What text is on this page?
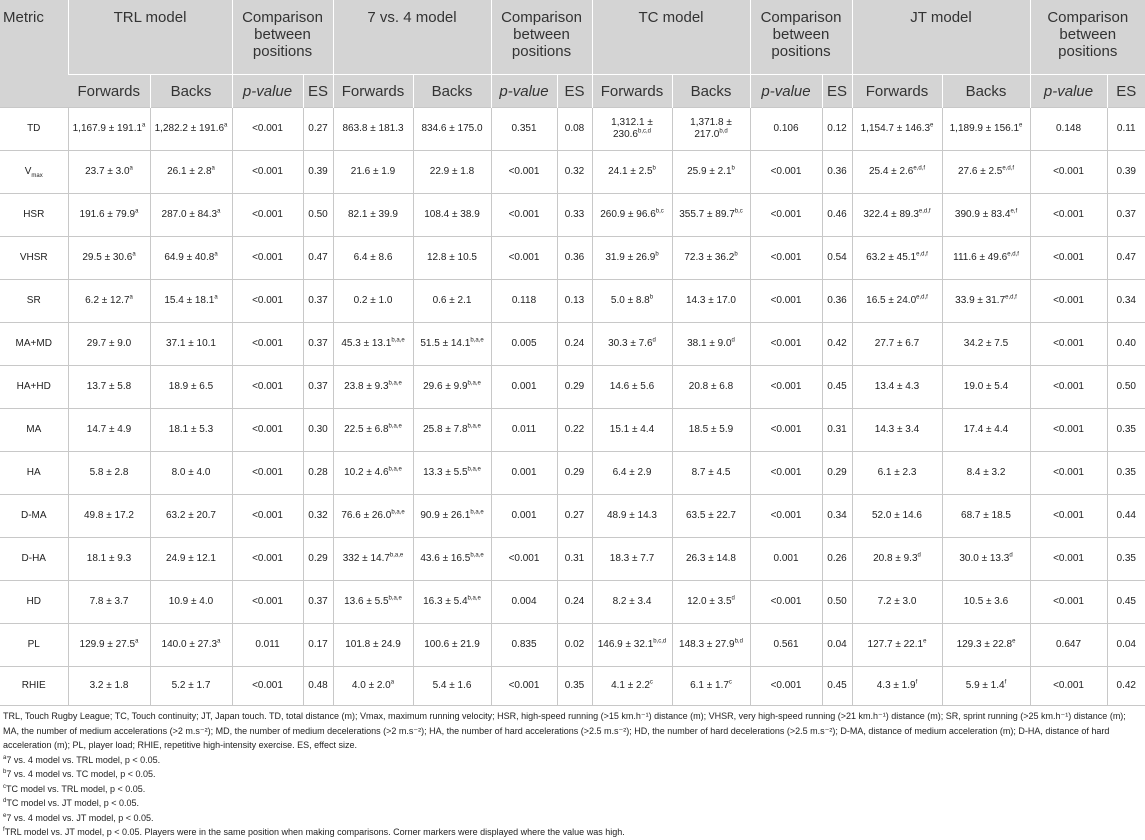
Metric	TRL model		Comparison between positions		7 vs. 4 model		Comparison between positions		TC model		Comparison between positions		JT model		Comparison between positions	
	Forwards	Backs	p-value	ES	Forwards	Backs	p-value	ES	Forwards	Backs	p-value	ES	Forwards	Backs	p-value	ES
TD	1,167.9 ± 191.1$^a$	1,282.2 ± 191.6$^a$	<0.001	0.27	863.8 ± 181.3	834.6 ± 175.0	0.351	0.08	$1,312.1 \pm 230.6^{b,c,d}$	$1,371.8 \pm 217.0^{b,d}$	0.106	0.12	1,154.7 ± 146.3$^e$	1,189.9 ± 156.1$^e$	0.148	0.11
$V_{max}$	23.7 ± 3.0$^a$	26.1 ± 2.8$^a$	<0.001	0.39	21.6 ± 1.9	22.9 ± 1.8	<0.001	0.32	24.1 ± 2.5$^b$	25.9 ± 2.1$^b$	<0.001	0.36	$25.4 \pm 2.6^{e,d,f}$	$27.6 \pm 2.5^{e,d,f}$	<0.001	0.39
HSR	191.6 ± 79.9$^a$	287.0 ± 84.3$^a$	<0.001	0.50	82.1 ± 39.9	108.4 ± 38.9	<0.001	0.33	$260.9 \pm 96.6^{b,c}$	$355.7 \pm 89.7^{b,c}$	<0.001	0.46	$322.4 \pm 89.3^{e,d,f}$	$390.9 \pm 83.4^{e,f}$	<0.001	0.37
VHSR	29.5 ± 30.6$^a$	64.9 ± 40.8$^a$	<0.001	0.47	6.4 ± 8.6	12.8 ± 10.5	<0.001	0.36	31.9 ± 26.9$^b$	72.3 ± 36.2$^b$	<0.001	0.54	$63.2 \pm 45.1^{e,d,f}$	$111.6 \pm 49.6^{e,d,f}$	<0.001	0.47
SR	6.2 ± 12.7$^a$	15.4 ± 18.1$^a$	<0.001	0.37	0.2 ± 1.0	0.6 ± 2.1	0.118	0.13	5.0 ± 8.8$^b$	14.3 ± 17.0	<0.001	0.36	$16.5 \pm 24.0^{e,d,f}$	$33.9 \pm 31.7^{e,d,f}$	<0.001	0.34
MA+MD	29.7 ± 9.0	37.1 ± 10.1	<0.001	0.37	$45.3 \pm 13.1^{b,a,e}$	$51.5 \pm 14.1^{b,a,e}$	0.005	0.24	30.3 ± 7.6$^d$	38.1 ± 9.0$^d$	<0.001	0.42	27.7 ± 6.7	34.2 ± 7.5	<0.001	0.40
HA+HD	13.7 ± 5.8	18.9 ± 6.5	<0.001	0.37	$23.8 \pm 9.3^{b,a,e}$	$29.6 \pm 9.9^{b,a,e}$	0.001	0.29	14.6 ± 5.6	20.8 ± 6.8	<0.001	0.45	13.4 ± 4.3	19.0 ± 5.4	<0.001	0.50
MA	14.7 ± 4.9	18.1 ± 5.3	<0.001	0.30	$22.5 \pm 6.8^{b,a,e}$	$25.8 \pm 7.8^{b,a,e}$	0.011	0.22	15.1 ± 4.4	18.5 ± 5.9	<0.001	0.31	14.3 ± 3.4	17.4 ± 4.4	<0.001	0.35
HA	5.8 ± 2.8	8.0 ± 4.0	<0.001	0.28	$10.2 \pm 4.6^{b,a,e}$	$13.3 \pm 5.5^{b,a,e}$	0.001	0.29	6.4 ± 2.9	8.7 ± 4.5	<0.001	0.29	6.1 ± 2.3	8.4 ± 3.2	<0.001	0.35
D-MA	49.8 ± 17.2	63.2 ± 20.7	<0.001	0.32	$76.6 \pm 26.0^{b,a,e}$	$90.9 \pm 26.1^{b,a,e}$	0.001	0.27	48.9 ± 14.3	63.5 ± 22.7	<0.001	0.34	52.0 ± 14.6	68.7 ± 18.5	<0.001	0.44
D-HA	18.1 ± 9.3	24.9 ± 12.1	<0.001	0.29	$332 \pm 14.7^{b,a,e}$	$43.6 \pm 16.5^{b,a,e}$	<0.001	0.31	18.3 ± 7.7	26.3 ± 14.8	0.001	0.26	20.8 ± 9.3$^d$	30.0 ± 13.3$^d$	<0.001	0.35
HD	7.8 ± 3.7	10.9 ± 4.0	<0.001	0.37	$13.6 \pm 5.5^{b,a,e}$	$16.3 \pm 5.4^{b,a,e}$	0.004	0.24	8.2 ± 3.4	12.0 ± 3.5$^d$	<0.001	0.50	7.2 ± 3.0	10.5 ± 3.6	<0.001	0.45
PL	129.9 ± 27.5$^a$	140.0 ± 27.3$^a$	0.011	0.17	101.8 ± 24.9	100.6 ± 21.9	0.835	0.02	$146.9 \pm 32.1^{b,c,d}$	$148.3 \pm 27.9^{b,d}$	0.561	0.04	127.7 ± 22.1$^e$	129.3 ± 22.8$^e$	0.647	0.04
RHIE	3.2 ± 1.8	5.2 ± 1.7	<0.001	0.48	4.0 ± 2.0$^a$	5.4 ± 1.6	<0.001	0.35	4.1 ± 2.2$^c$	6.1 ± 1.7$^c$	<0.001	0.45	4.3 ± 1.9$^f$	5.9 ± 1.4$^f$	<0.001	0.42

TRL, Touch Rugby League; TC, Touch continuity; JT, Japan touch. TD, total distance (m); Vmax, maximum running velocity; HSR, high-speed running (>15 km.h⁻¹) distance (m); VHSR, very high-speed running (>21 km.h⁻¹) distance (m); SR, sprint running (>25 km.h⁻¹) distance (m); MA, the number of medium accelerations (>2 m.s⁻²); MD, the number of medium decelerations (>2 m.s⁻²); HA, the number of hard accelerations (>2.5 m.s⁻²); HD, the number of hard decelerations (>2.5 m.s⁻²); D-MA, distance of medium acceleration (m); D-HA, distance of hard acceleration (m); PL, player load; RHIE, repetitive high-intensity exercise. ES, effect size.

$^a$7 vs. 4 model vs. TRL model, p < 0.05.

$^b$7 vs. 4 model vs. TC model, p < 0.05.

$^c$TC model vs. TRL model, p < 0.05.

$^d$TC model vs. JT model, p < 0.05.

$^e$7 vs. 4 model vs. JT model, p < 0.05.

$^f$TRL model vs. JT model, p < 0.05. Players were in the same position when making comparisons. Corner markers were displayed where the value was high.
